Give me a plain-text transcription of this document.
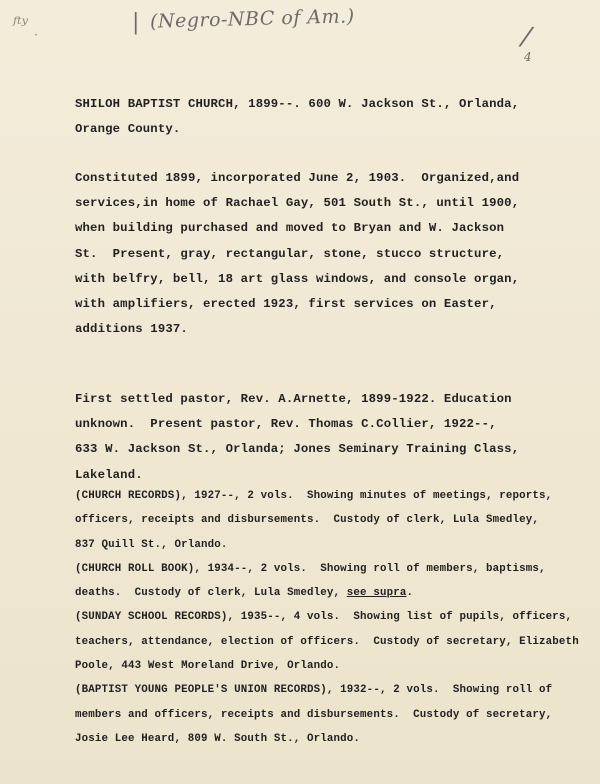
ᶠᵗʸ ·	| (Negro-NBC of Am.)
/
4
SHILOH BAPTIST CHURCH, 1899--. 600 W. Jackson St., Orlanda,
Orange County.
Constituted 1899, incorporated June 2, 1903.  Organized,and
services,in home of Rachael Gay, 501 South St., until 1900,
when building purchased and moved to Bryan and W. Jackson
St.  Present, gray, rectangular, stone, stucco structure,
with belfry, bell, 18 art glass windows, and console organ,
with amplifiers, erected 1923, first services on Easter,
additions 1937.
First settled pastor, Rev. A.Arnette, 1899-1922. Education
unknown.  Present pastor, Rev. Thomas C.Collier, 1922--,
633 W. Jackson St., Orlanda; Jones Seminary Training Class,
Lakeland.
(CHURCH RECORDS), 1927--, 2 vols.  Showing minutes of meetings, reports,
officers, receipts and disbursements.  Custody of clerk, Lula Smedley,
837 Quill St., Orlando.
(CHURCH ROLL BOOK), 1934--, 2 vols.  Showing roll of members, baptisms,
deaths.  Custody of clerk, Lula Smedley, see supra.
(SUNDAY SCHOOL RECORDS), 1935--, 4 vols.  Showing list of pupils, officers,
teachers, attendance, election of officers.  Custody of secretary, Elizabeth
Poole, 443 West Moreland Drive, Orlando.
(BAPTIST YOUNG PEOPLE'S UNION RECORDS), 1932--, 2 vols.  Showing roll of
members and officers, receipts and disbursements.  Custody of secretary,
Josie Lee Heard, 809 W. South St., Orlando.
